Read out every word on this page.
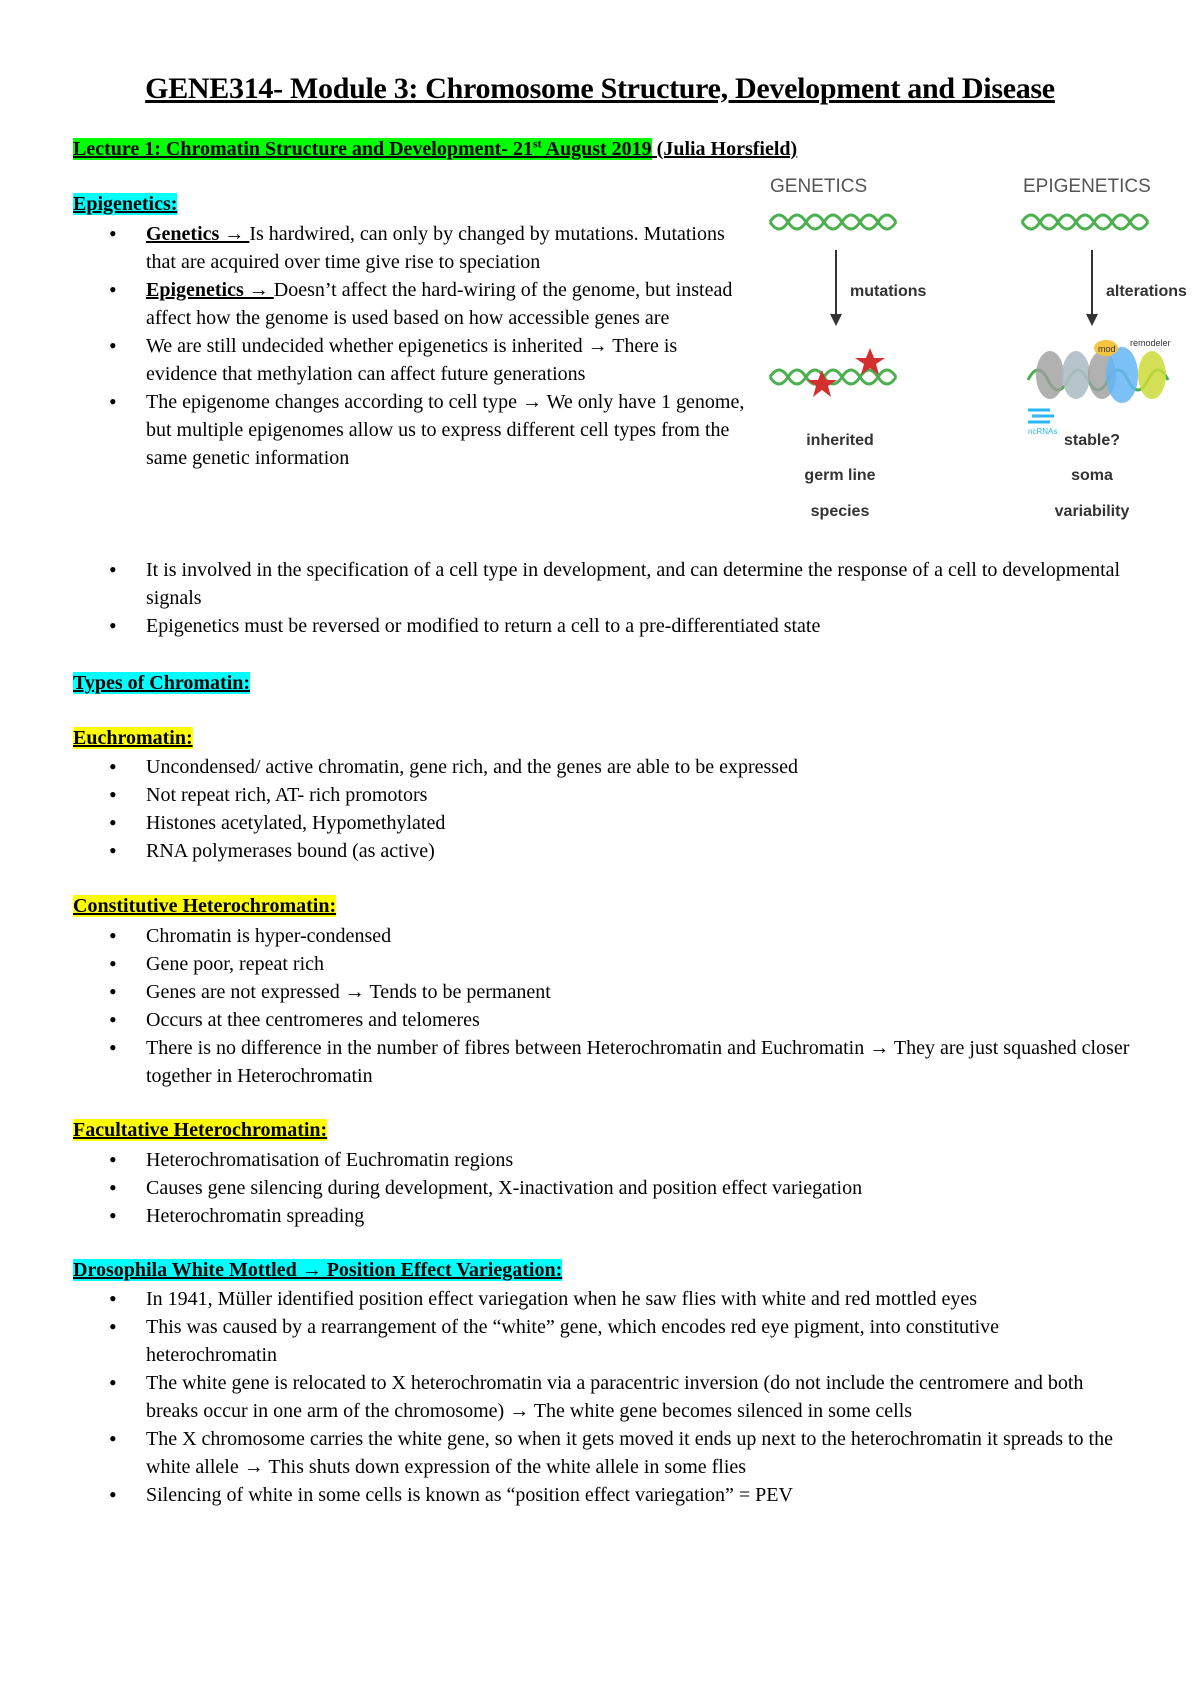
GENE314- Module 3: Chromosome Structure, Development and Disease
Lecture 1: Chromatin Structure and Development- 21st August 2019 (Julia Horsfield)
Epigenetics:
• Genetics → Is hardwired, can only by changed by mutations. Mutations that are acquired over time give rise to speciation
• Epigenetics → Doesn’t affect the hard-wiring of the genome, but instead affect how the genome is used based on how accessible genes are
• We are still undecided whether epigenetics is inherited → There is evidence that methylation can affect future generations
• The epigenome changes according to cell type → We only have 1 genome, but multiple epigenomes allow us to express different cell types from the same genetic information
• It is involved in the specification of a cell type in development, and can determine the response of a cell to developmental signals
• Epigenetics must be reversed or modified to return a cell to a pre-differentiated state
GENETICS	EPIGENETICS
mutations	alterations
mod
remodeler
ncRNAs
inherited
germ line
species
stable?
soma
variability
Types of Chromatin:
Euchromatin:
• Uncondensed/ active chromatin, gene rich, and the genes are able to be expressed
• Not repeat rich, AT- rich promotors
• Histones acetylated, Hypomethylated
• RNA polymerases bound (as active)
Constitutive Heterochromatin:
• Chromatin is hyper-condensed
• Gene poor, repeat rich
• Genes are not expressed → Tends to be permanent
• Occurs at thee centromeres and telomeres
• There is no difference in the number of fibres between Heterochromatin and Euchromatin → They are just squashed closer together in Heterochromatin
Facultative Heterochromatin:
• Heterochromatisation of Euchromatin regions
• Causes gene silencing during development, X-inactivation and position effect variegation
• Heterochromatin spreading
Drosophila White Mottled → Position Effect Variegation:
• In 1941, Müller identified position effect variegation when he saw flies with white and red mottled eyes
• This was caused by a rearrangement of the “white” gene, which encodes red eye pigment, into constitutive heterochromatin
• The white gene is relocated to X heterochromatin via a paracentric inversion (do not include the centromere and both breaks occur in one arm of the chromosome) → The white gene becomes silenced in some cells
• The X chromosome carries the white gene, so when it gets moved it ends up next to the heterochromatin it spreads to the white allele → This shuts down expression of the white allele in some flies
• Silencing of white in some cells is known as “position effect variegation” = PEV
